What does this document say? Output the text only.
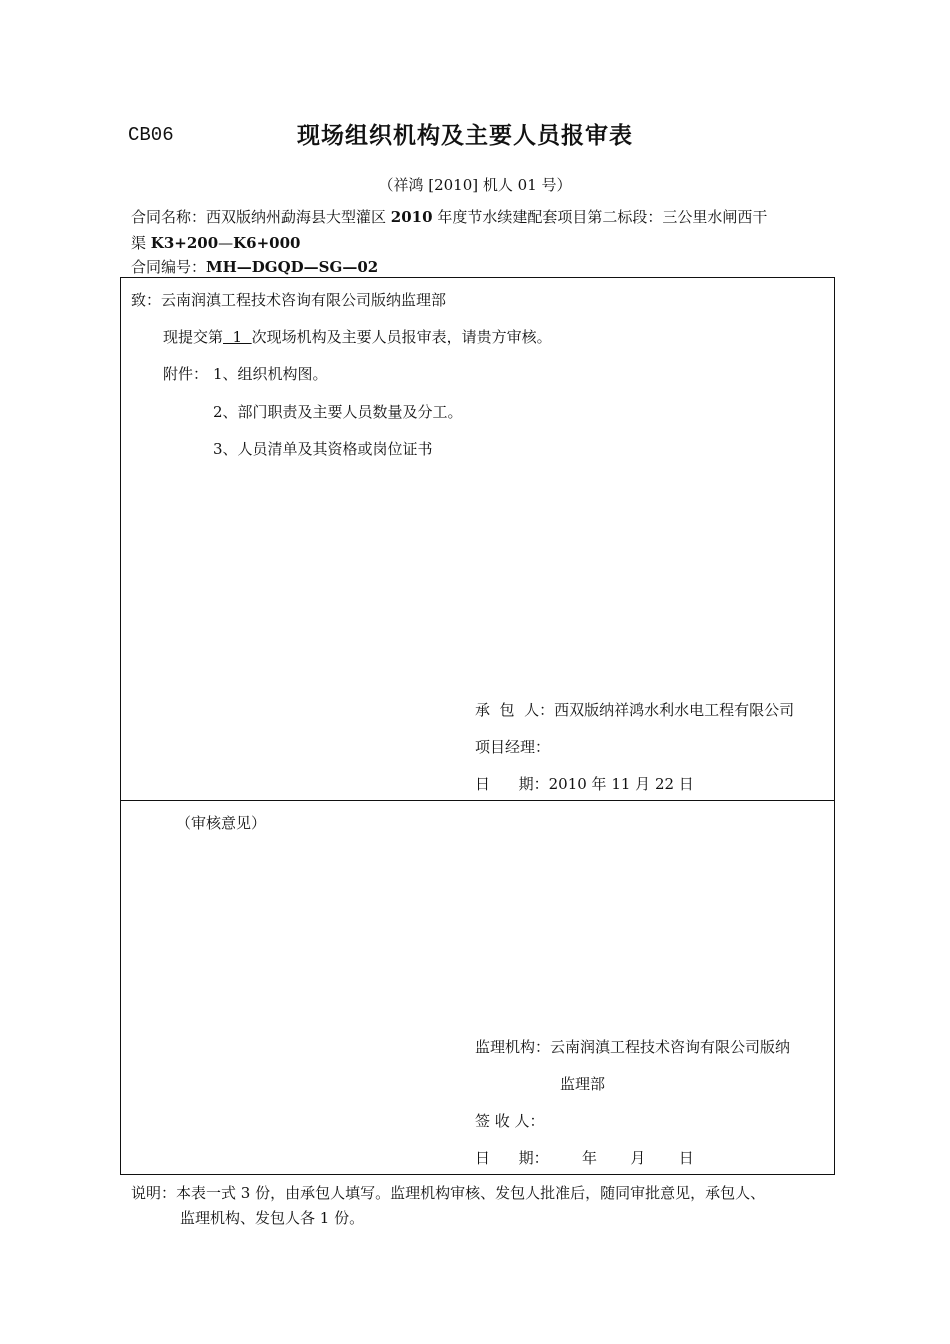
CB06	现场组织机构及主要人员报审表
（祥鸿 [2010] 机人 01 号）
合同名称：西双版纳州勐海县大型灌区 2010 年度节水续建配套项目第二标段：三公里水闸西干
渠 K3+200—K6+000
合同编号：MH—DGQD—SG—02
致：云南润滇工程技术咨询有限公司版纳监理部
现提交第  1  次现场机构及主要人员报审表，请贵方审核。
附件： 1、组织机构图。
2、部门职责及主要人员数量及分工。
3、人员清单及其资格或岗位证书
承  包  人：西双版纳祥鸿水利水电工程有限公司
项目经理：
日      期：2010 年 11 月 22 日
（审核意见）
监理机构：云南润滇工程技术咨询有限公司版纳
监理部
签 收 人：
日      期：       年       月       日
说明：本表一式 3 份，由承包人填写。监理机构审核、发包人批准后，随同审批意见，承包人、
监理机构、发包人各 1 份。
